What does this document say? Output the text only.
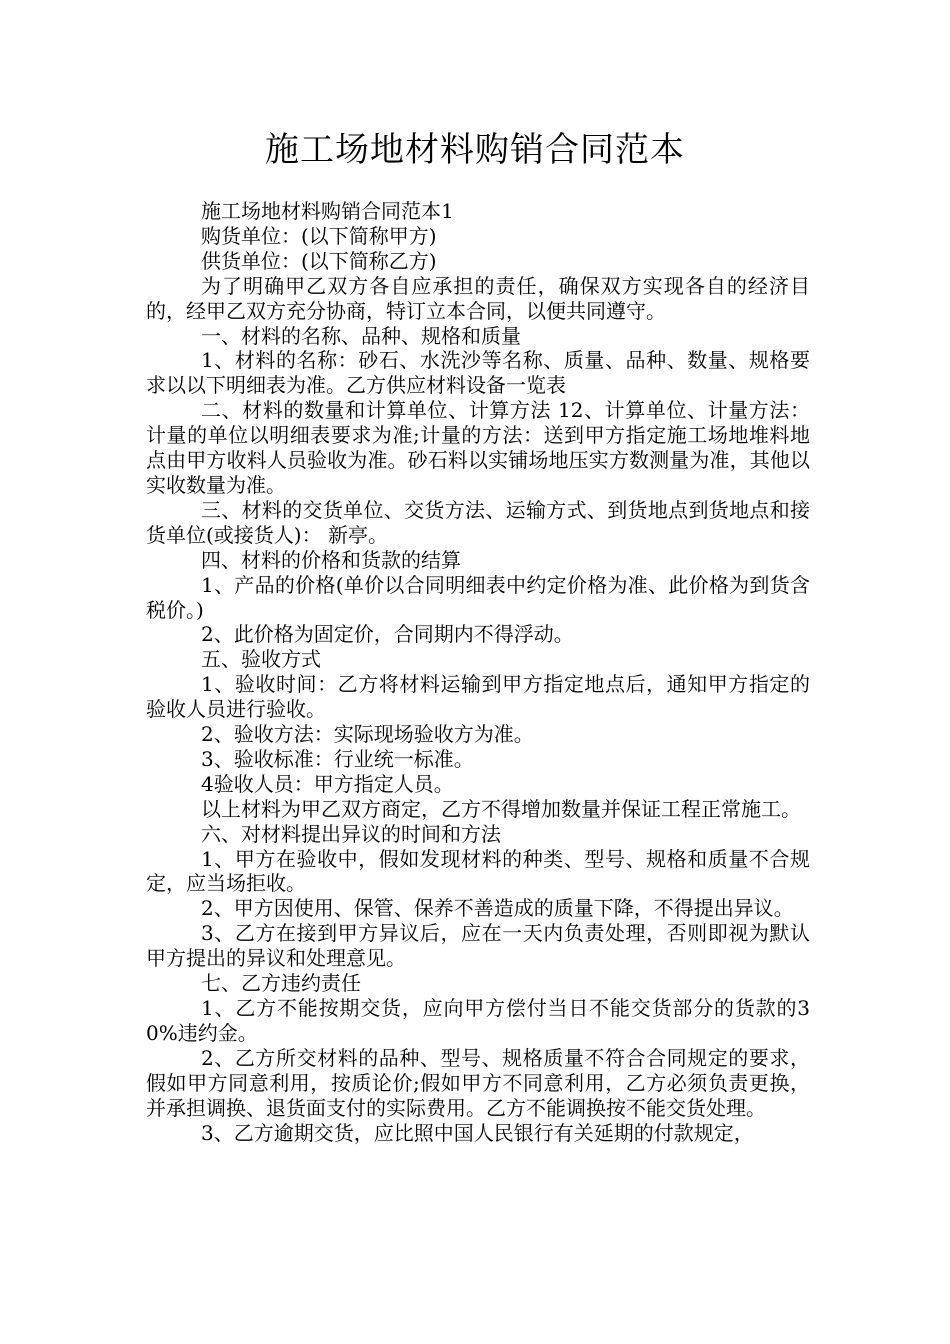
施工场地材料购销合同范本

施工场地材料购销合同范本1

购货单位：(以下简称甲方)

供货单位：(以下简称乙方)

为了明确甲乙双方各自应承担的责任，确保双方实现各自的经济目的，经甲乙双方充分协商，特订立本合同，以便共同遵守。

一、材料的名称、品种、规格和质量

1、材料的名称：砂石、水洗沙等名称、质量、品种、数量、规格要求以以下明细表为准。乙方供应材料设备一览表

二、材料的数量和计算单位、计算方法 12、计算单位、计量方法：计量的单位以明细表要求为准;计量的方法：送到甲方指定施工场地堆料地点由甲方收料人员验收为准。砂石料以实铺场地压实方数测量为准，其他以实收数量为准。

三、材料的交货单位、交货方法、运输方式、到货地点到货地点和接货单位(或接货人)： 新亭。

四、材料的价格和货款的结算

1、产品的价格(单价以合同明细表中约定价格为准、此价格为到货含税价。)

2、此价格为固定价，合同期内不得浮动。

五、验收方式

1、验收时间：乙方将材料运输到甲方指定地点后，通知甲方指定的验收人员进行验收。

2、验收方法：实际现场验收方为准。

3、验收标准：行业统一标准。

4验收人员：甲方指定人员。

以上材料为甲乙双方商定，乙方不得增加数量并保证工程正常施工。

六、对材料提出异议的时间和方法

1、甲方在验收中，假如发现材料的种类、型号、规格和质量不合规定，应当场拒收。

2、甲方因使用、保管、保养不善造成的质量下降，不得提出异议。

3、乙方在接到甲方异议后，应在一天内负责处理，否则即视为默认甲方提出的异议和处理意见。

七、乙方违约责任

1、乙方不能按期交货，应向甲方偿付当日不能交货部分的货款的30%违约金。

2、乙方所交材料的品种、型号、规格质量不符合合同规定的要求，假如甲方同意利用，按质论价;假如甲方不同意利用，乙方必须负责更换，并承担调换、退货面支付的实际费用。乙方不能调换按不能交货处理。

3、乙方逾期交货，应比照中国人民银行有关延期的付款规定，
